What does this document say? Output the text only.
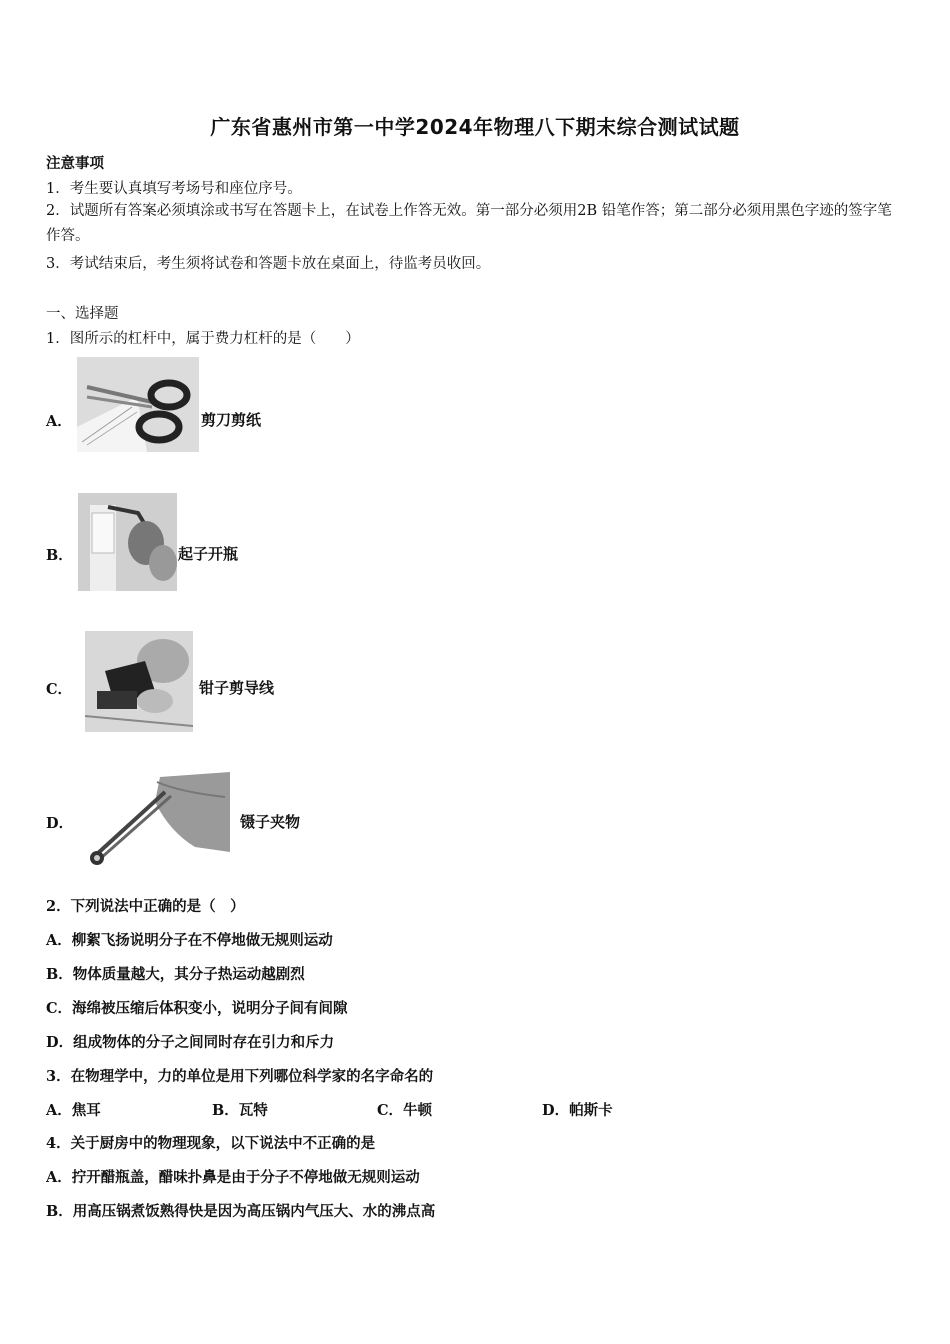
广东省惠州市第一中学2024年物理八下期末综合测试试题
注意事项
1．考生要认真填写考场号和座位序号。
2．试题所有答案必须填涂或书写在答题卡上，在试卷上作答无效。第一部分必须用2B 铅笔作答；第二部分必须用黑色字迹的签字笔作答。
3．考试结束后，考生须将试卷和答题卡放在桌面上，待监考员收回。
一、选择题
1．图所示的杠杆中，属于费力杠杆的是（　　）
A．	剪刀剪纸
B．	起子开瓶
C．	钳子剪导线
D．	镊子夹物
2．下列说法中正确的是（　）
A．柳絮飞扬说明分子在不停地做无规则运动
B．物体质量越大，其分子热运动越剧烈
C．海绵被压缩后体积变小，说明分子间有间隙
D．组成物体的分子之间同时存在引力和斥力
3．在物理学中，力的单位是用下列哪位科学家的名字命名的
A．焦耳	B．瓦特	C．牛顿	D．帕斯卡
4．关于厨房中的物理现象，以下说法中不正确的是
A．拧开醋瓶盖，醋味扑鼻是由于分子不停地做无规则运动
B．用高压锅煮饭熟得快是因为高压锅内气压大、水的沸点高
